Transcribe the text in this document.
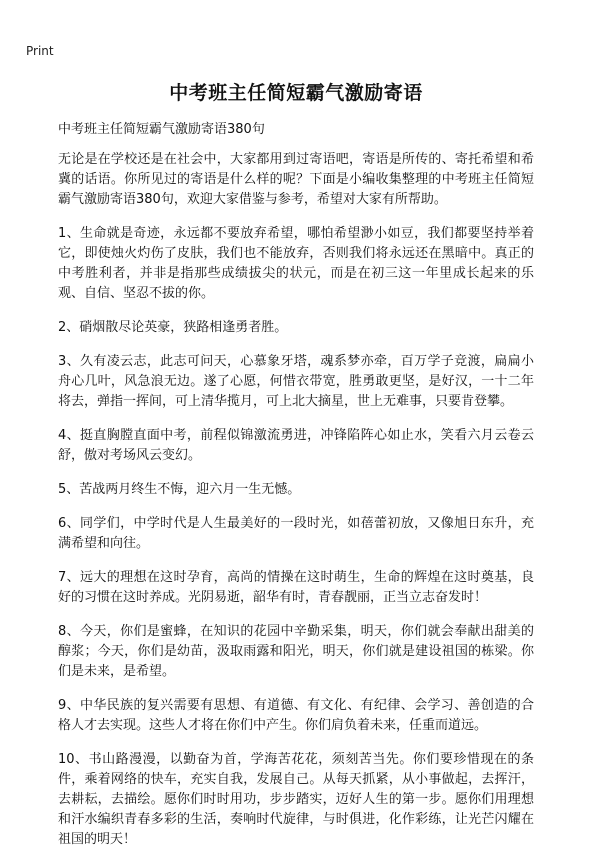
Print
中考班主任简短霸气激励寄语

中考班主任简短霸气激励寄语380句

无论是在学校还是在社会中，大家都用到过寄语吧，寄语是所传的、寄托希望和希冀的话语。你所见过的寄语是什么样的呢？下面是小编收集整理的中考班主任简短霸气激励寄语380句，欢迎大家借鉴与参考，希望对大家有所帮助。

1、生命就是奇迹，永远都不要放弃希望，哪怕希望渺小如豆，我们都要坚持举着它，即使烛火灼伤了皮肤，我们也不能放弃，否则我们将永远还在黑暗中。真正的中考胜利者，并非是指那些成绩拔尖的状元，而是在初三这一年里成长起来的乐观、自信、坚忍不拔的你。

2、硝烟散尽论英豪，狭路相逢勇者胜。

3、久有凌云志，此志可问天，心慕象牙塔，魂系梦亦牵，百万学子竞渡，扁扁小舟心几叶，风急浪无边。遂了心愿，何惜衣带宽，胜勇敢更坚，是好汉，一十二年将去，弹指一挥间，可上清华揽月，可上北大摘星，世上无难事，只要肯登攀。

4、挺直胸膛直面中考，前程似锦激流勇进，冲锋陷阵心如止水，笑看六月云卷云舒，傲对考场风云变幻。

5、苦战两月终生不悔，迎六月一生无憾。

6、同学们，中学时代是人生最美好的一段时光，如蓓蕾初放，又像旭日东升，充满希望和向往。

7、远大的理想在这时孕育，高尚的情操在这时萌生，生命的辉煌在这时奠基，良好的习惯在这时养成。光阴易逝，韶华有时，青春靓丽，正当立志奋发时！

8、今天，你们是蜜蜂，在知识的花园中辛勤采集，明天，你们就会奉献出甜美的醇浆；今天，你们是幼苗，汲取雨露和阳光，明天，你们就是建设祖国的栋梁。你们是未来，是希望。

9、中华民族的复兴需要有思想、有道德、有文化、有纪律、会学习、善创造的合格人才去实现。这些人才将在你们中产生。你们肩负着未来，任重而道远。

10、书山路漫漫，以勤奋为首，学海苦花花，须刻苦当先。你们要珍惜现在的条件，乘着网络的快车，充实自我，发展自己。从每天抓紧，从小事做起，去挥汗，去耕耘，去描绘。愿你们时时用功，步步踏实，迈好人生的第一步。愿你们用理想和汗水编织青春多彩的生活，奏响时代旋律，与时俱进，化作彩练，让光芒闪耀在祖国的明天！
